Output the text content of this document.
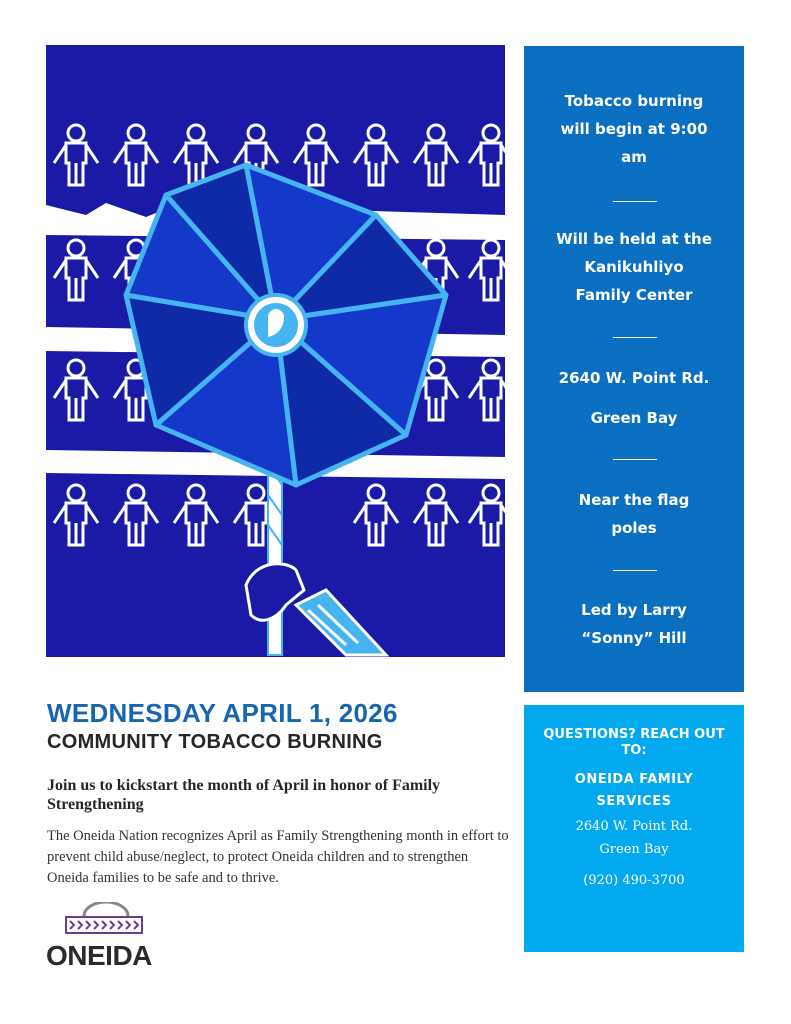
Tobacco burning
will begin at 9:00
am
Will be held at the
Kanikuhliyo
Family Center
2640 W. Point Rd.
Green Bay
Near the flag
poles
Led by Larry
“Sonny” Hill
QUESTIONS? REACH OUT
TO:
ONEIDA FAMILY
SERVICES
2640 W. Point Rd.
Green Bay
(920) 490-3700
WEDNESDAY APRIL 1, 2026
COMMUNITY TOBACCO BURNING
Join us to kickstart the month of April in honor of Family Strengthening
The Oneida Nation recognizes April as Family Strengthening month in effort to prevent child abuse/neglect, to protect Oneida children and to strengthen Oneida families to be safe and to thrive.
ONEIDA
